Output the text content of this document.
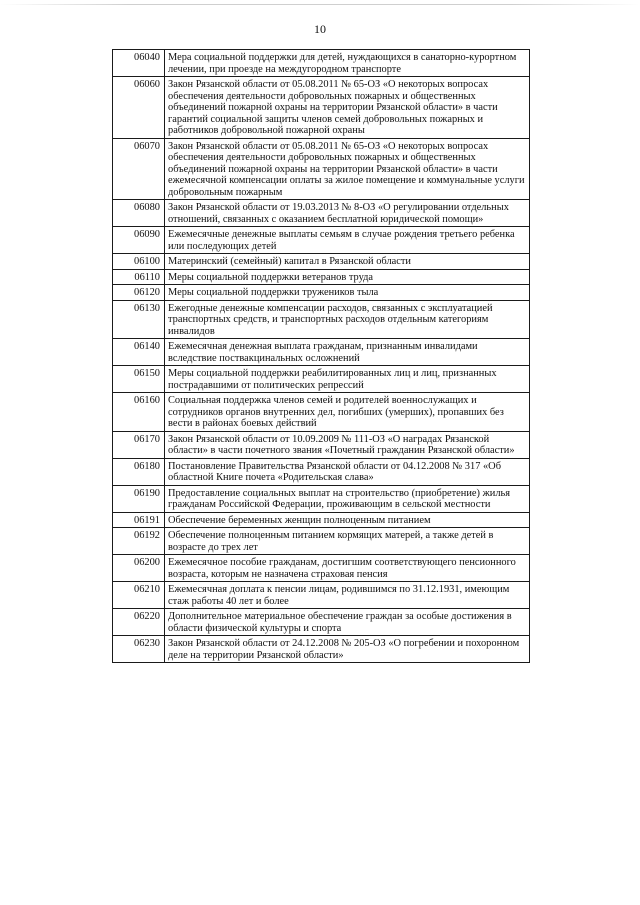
10
06040	Мера социальной поддержки для детей, нуждающихся в санаторно-курортном лечении, при проезде на междугородном транспорте
06060	Закон Рязанской области от 05.08.2011 № 65-ОЗ «О некоторых вопросах обеспечения деятельности добровольных пожарных и общественных объединений пожарной охраны на территории Рязанской области» в части гарантий социальной защиты членов семей добровольных пожарных и работников добровольной пожарной охраны
06070	Закон Рязанской области от 05.08.2011 № 65-ОЗ «О некоторых вопросах обеспечения деятельности добровольных пожарных и общественных объединений пожарной охраны на территории Рязанской области» в части ежемесячной компенсации оплаты за жилое помещение и коммунальные услуги добровольным пожарным
06080	Закон Рязанской области от 19.03.2013 № 8-ОЗ «О регулировании отдельных отношений, связанных с оказанием бесплатной юридической помощи»
06090	Ежемесячные денежные выплаты семьям в случае рождения третьего ребенка или последующих детей
06100	Материнский (семейный) капитал в Рязанской области
06110	Меры социальной поддержки ветеранов труда
06120	Меры социальной поддержки тружеников тыла
06130	Ежегодные денежные компенсации расходов, связанных с эксплуатацией транспортных средств, и транспортных расходов отдельным категориям инвалидов
06140	Ежемесячная денежная выплата гражданам, признанным инвалидами вследствие поствакцинальных осложнений
06150	Меры социальной поддержки реабилитированных лиц и лиц, признанных пострадавшими от политических репрессий
06160	Социальная поддержка членов семей и родителей военнослужащих и сотрудников органов внутренних дел, погибших (умерших), пропавших без вести в районах боевых действий
06170	Закон Рязанской области от 10.09.2009 № 111-ОЗ «О наградах Рязанской области» в части почетного звания «Почетный гражданин Рязанской области»
06180	Постановление Правительства Рязанской области от 04.12.2008 № 317 «Об областной Книге почета «Родительская слава»
06190	Предоставление социальных выплат на строительство (приобретение) жилья гражданам Российской Федерации, проживающим в сельской местности
06191	Обеспечение беременных женщин полноценным питанием
06192	Обеспечение полноценным питанием кормящих матерей, а также детей в возрасте до трех лет
06200	Ежемесячное пособие гражданам, достигшим соответствующего пенсионного возраста, которым не назначена страховая пенсия
06210	Ежемесячная доплата к пенсии лицам, родившимся по 31.12.1931, имеющим стаж работы 40 лет и более
06220	Дополнительное материальное обеспечение граждан за особые достижения в области физической культуры и спорта
06230	Закон Рязанской области от 24.12.2008 № 205-ОЗ «О погребении и похоронном деле на территории Рязанской области»
